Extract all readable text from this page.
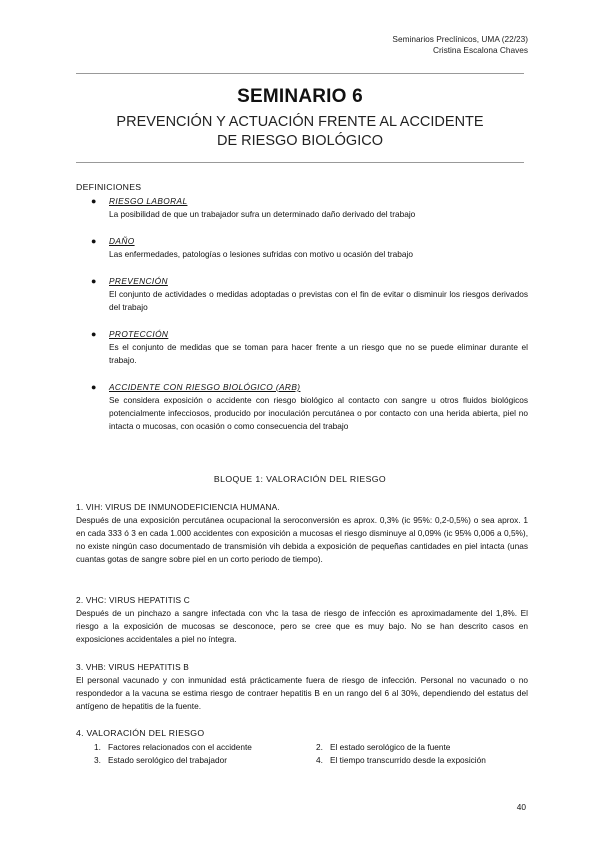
Seminarios Preclínicos, UMA (22/23)
Cristina Escalona Chaves
SEMINARIO 6
PREVENCIÓN Y ACTUACIÓN FRENTE AL ACCIDENTE
DE RIESGO BIOLÓGICO
DEFINICIONES
● RIESGO LABORAL
La posibilidad de que un trabajador sufra un determinado daño derivado del trabajo
● DAÑO
Las enfermedades, patologías o lesiones sufridas con motivo u ocasión del trabajo
● PREVENCIÓN
El conjunto de actividades o medidas adoptadas o previstas con el fin de evitar o disminuir los riesgos derivados del trabajo
● PROTECCIÓN
Es el conjunto de medidas que se toman para hacer frente a un riesgo que no se puede eliminar durante el trabajo.
● ACCIDENTE CON RIESGO BIOLÓGICO (ARB)
Se considera exposición o accidente con riesgo biológico al contacto con sangre u otros fluidos biológicos potencialmente infecciosos, producido por inoculación percutánea o por contacto con una herida abierta, piel no intacta o mucosas, con ocasión o como consecuencia del trabajo
BLOQUE 1: VALORACIÓN DEL RIESGO
1. VIH: VIRUS DE INMUNODEFICIENCIA HUMANA.
Después de una exposición percutánea ocupacional la seroconversión es aprox. 0,3% (ic 95%: 0,2-0,5%) o sea aprox. 1 en cada 333 ó 3 en cada 1.000 accidentes con exposición a mucosas el riesgo disminuye al 0,09% (ic 95% 0,006 a 0,5%), no existe ningún caso documentado de transmisión vih debida a exposición de pequeñas cantidades en piel intacta (unas cuantas gotas de sangre sobre piel en un corto periodo de tiempo).
2. VHC: VIRUS HEPATITIS C
Después de un pinchazo a sangre infectada con vhc la tasa de riesgo de infección es aproximadamente del 1,8%. El riesgo a la exposición de mucosas se desconoce, pero se cree que es muy bajo. No se han descrito casos en exposiciones accidentales a piel no íntegra.
3. VHB: VIRUS HEPATITIS B
El personal vacunado y con inmunidad está prácticamente fuera de riesgo de infección. Personal no vacunado o no respondedor a la vacuna se estima riesgo de contraer hepatitis B en un rango del 6 al 30%, dependiendo del estatus del antígeno de hepatitis de la fuente.
4. VALORACIÓN DEL RIESGO
1. Factores relacionados con el accidente	2. El estado serológico de la fuente
3. Estado serológico del trabajador	4. El tiempo transcurrido desde la exposición
40
